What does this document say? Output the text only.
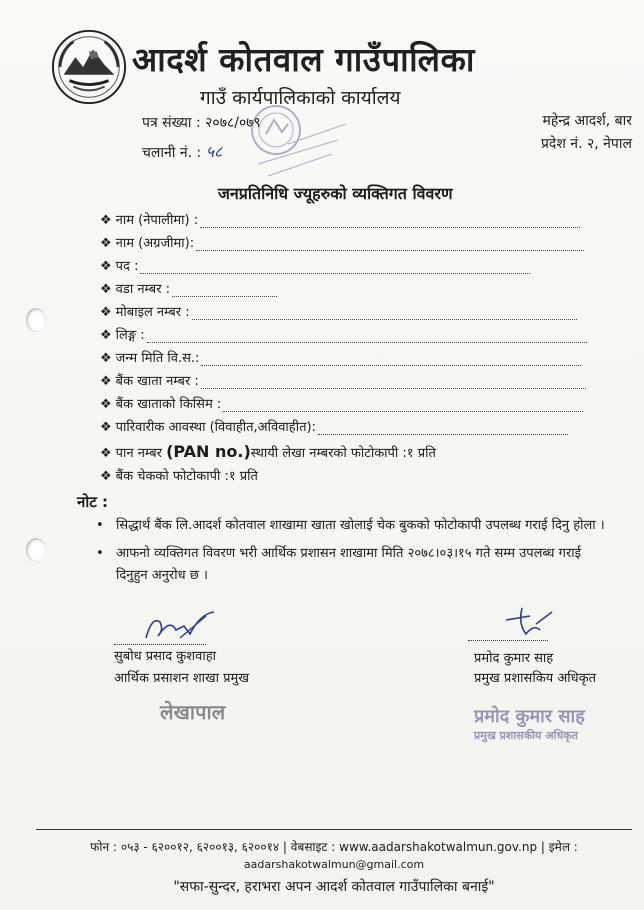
आदर्श कोतवाल गाउँपालिका
गाउँ कार्यपालिकाको कार्यालय
पत्र संख्या : २०७८/०७९
चलानी नं. : ५८
महेन्द्र आदर्श, बार
प्रदेश नं. २, नेपाल
जनप्रतिनिधि ज्यूहरुको व्यक्तिगत विवरण
❖ नाम (नेपालीमा) :
❖ नाम (अग्रजीमा):
❖ पद :
❖ वडा नम्बर :
❖ मोबाइल नम्बर :
❖ लिङ्ग :
❖ जन्म मिति वि.स.:
❖ बैंक खाता नम्बर :
❖ बैंक खाताको किसिम :
❖ पारिवारीक आवस्था (विवाहीत,अविवाहीत):
❖ पान नम्बर
(PAN no.) स्थायी लेखा नम्बरको फोटोकापी :१ प्रति
❖ बैंक चेकको फोटोकापी :१ प्रति
नोट :
• सिद्धार्थ बैंक लि.आदर्श कोतवाल शाखामा खाता खोलाई चेक बुकको फोटोकापी उपलब्ध गराई दिनु होला ।
• आफनो व्यक्तिगत विवरण भरी आर्थिक प्रशासन शाखामा मिति २०७८।०३।१५ गते सम्म उपलब्ध गराई दिनुहुन अनुरोध छ ।
सुबोध प्रसाद कुशवाहा
आर्थिक प्रसाशन शाखा प्रमुख
लेखापाल
प्रमोद कुमार साह
प्रमुख प्रशासकिय अधिकृत
प्रमोद कुमार साह
प्रमुख प्रशासकीय अधिकृत
फोन : ०५३ - ६२००१२, ६२००१३, ६२००१४ | वेबसाइट : www.aadarshakotwalmun.gov.np | इमेल :
aadarshakotwalmun@gmail.com
"सफा-सुन्दर, हराभरा अपन आदर्श कोतवाल गाउँपालिका बनाई"
